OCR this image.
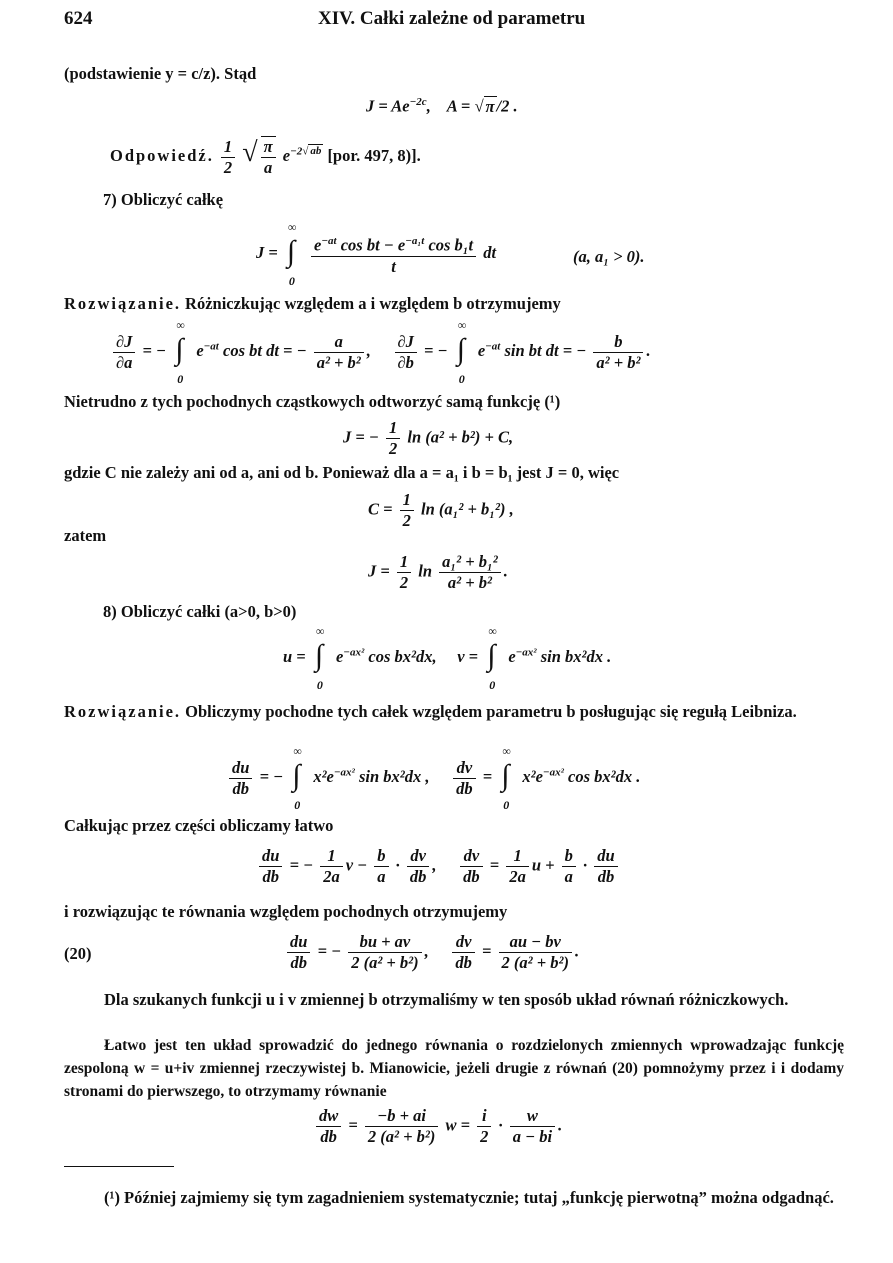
624	XIV. Całki zależne od parametru
(podstawienie y = c/z). Stąd
$J = Ae^{-2c}$,    A = √ π /2 .
Odpowiedź. $\frac{1}{2}$ √ $\frac{\pi}{a} e^{-2√ ab}$ [por. 497, 8)].
7) Obliczyć całkę
J =
∞
∫
0

$\frac{e^{-at} \cos bt - e^{-a_1t} \cos b_1t}{t}$ dt	(a, a₁ > 0).
Rozwiązanie. Różniczkując względem a i względem b otrzymujemy
$\frac{\partial J}{\partial a}$ = −
∞
∫
0
$e^{-at}$ cos bt dt = − $\frac{a}{\text{a² + b²}}$ , $\frac{\partial J}{\partial b}$ = −
∞
∫
0
$e^{-at}$ sin bt dt = − $\frac{b}{\text{a² + b²}}$ .
Nietrudno z tych pochodnych cząstkowych odtworzyć samą funkcję (¹)
J = − $\frac{1}{2}$ ln (a² + b²) + C,
gdzie C nie zależy ani od a, ani od b. Ponieważ dla a = a₁ i b = b₁ jest J = 0, więc
$C = \frac{1}{2}$ ln (a₁² + b₁²) ,
zatem
$J = \frac{1}{2}$ $\ln \frac{\text{a₁² + b₁²}}{\text{a² + b²}}$ .
8) Obliczyć całki (a>0, b>0)
u =
∞
∫
0
$e^{-ax^2}$ cos bx²dx,     v =
∞
∫
0
$e^{-ax^2}$ sin bx²dx .
Rozwiązanie. Obliczymy pochodne tych całek względem parametru b posługując się regułą Leibniza.
$\frac{du}{db}$ = −
∞
∫
0
$x^2e^{-ax^2}$ sin bx²dx , $\frac{dv}{db}$ =
∞
∫
0
$x^2e^{-ax^2}$ cos bx²dx .
Całkując przez części obliczamy łatwo
$\frac{du}{db}$ = − $\frac{1}{2a}$ $v - \frac{b}{a} \cdot \frac{dv}{db}$ , $\frac{dv}{db} = \frac{1}{2a}$ $u + \frac{b}{a} \cdot \frac{du}{db}$
i rozwiązując te równania względem pochodnych otrzymujemy
(20)	$\frac{du}{db}$ = − $\frac{bu + av}{\text{2 (a² + b²)}}$ , $\frac{dv}{db} = \frac{au - bv}{\text{2 (a² + b²)}}$ .
Dla szukanych funkcji u i v zmiennej b otrzymaliśmy w ten sposób układ równań różniczkowych.
Łatwo jest ten układ sprowadzić do jednego równania o rozdzielonych zmiennych wprowadzając funkcję zespoloną w = u+iv zmiennej rzeczywistej b. Mianowicie, jeżeli drugie z równań (20) pomnożymy przez i i dodamy stronami do pierwszego, to otrzymamy równanie
$\frac{dw}{db} = \frac{-b + ai}{\text{2 (a² + b²)}}$ $w = \frac{i}{2} \cdot \frac{w}{a - bi}$ .
(¹) Później zajmiemy się tym zagadnieniem systematycznie; tutaj „funkcję pierwotną” można odgadnąć.
